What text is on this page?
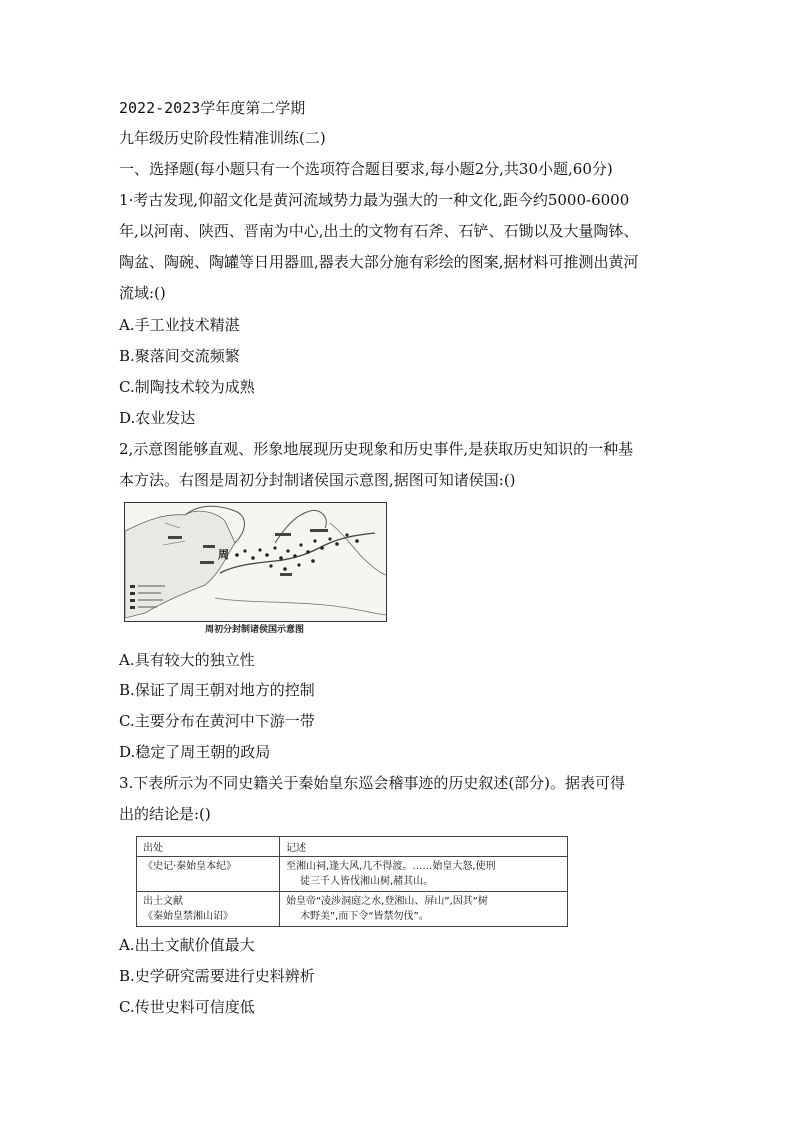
2022-2023学年度第二学期
九年级历史阶段性精准训练(二)
一、选择题(每小题只有一个选项符合题目要求,每小题2分,共30小题,60分)
1·考古发现,仰韶文化是黄河流域势力最为强大的一种文化,距今约5000-6000
年,以河南、陕西、晋南为中心,出土的文物有石斧、石铲、石锄以及大量陶钵、
陶盆、陶碗、陶罐等日用器皿,器表大部分施有彩绘的图案,据材料可推测出黄河
流域:()
A.手工业技术精湛
B.聚落间交流频繁
C.制陶技术较为成熟
D.农业发达
2,示意图能够直观、形象地展现历史现象和历史事件,是获取历史知识的一种基
本方法。右图是周初分封制诸侯国示意图,据图可知诸侯国:()
周
周初分封制诸侯国示意图
A.具有较大的独立性
B.保证了周王朝对地方的控制
C.主要分布在黄河中下游一带
D.稳定了周王朝的政局
3.下表所示为不同史籍关于秦始皇东巡会稽事迹的历史叙述(部分)。据表可得
出的结论是:()
出处	记述
《史记·秦始皇本纪》	至湘山祠,逢大风,几不得渡。……始皇大怒,使刑
徒三千人皆伐湘山树,赭其山。

出土文献
《秦始皇禁湘山诏》	始皇帝“凌涉洞庭之水,登湘山、屏山”,因其“树
木野美”,而下令“皆禁勿伐”。
A.出土文献价值最大
B.史学研究需要进行史料辨析
C.传世史料可信度低
